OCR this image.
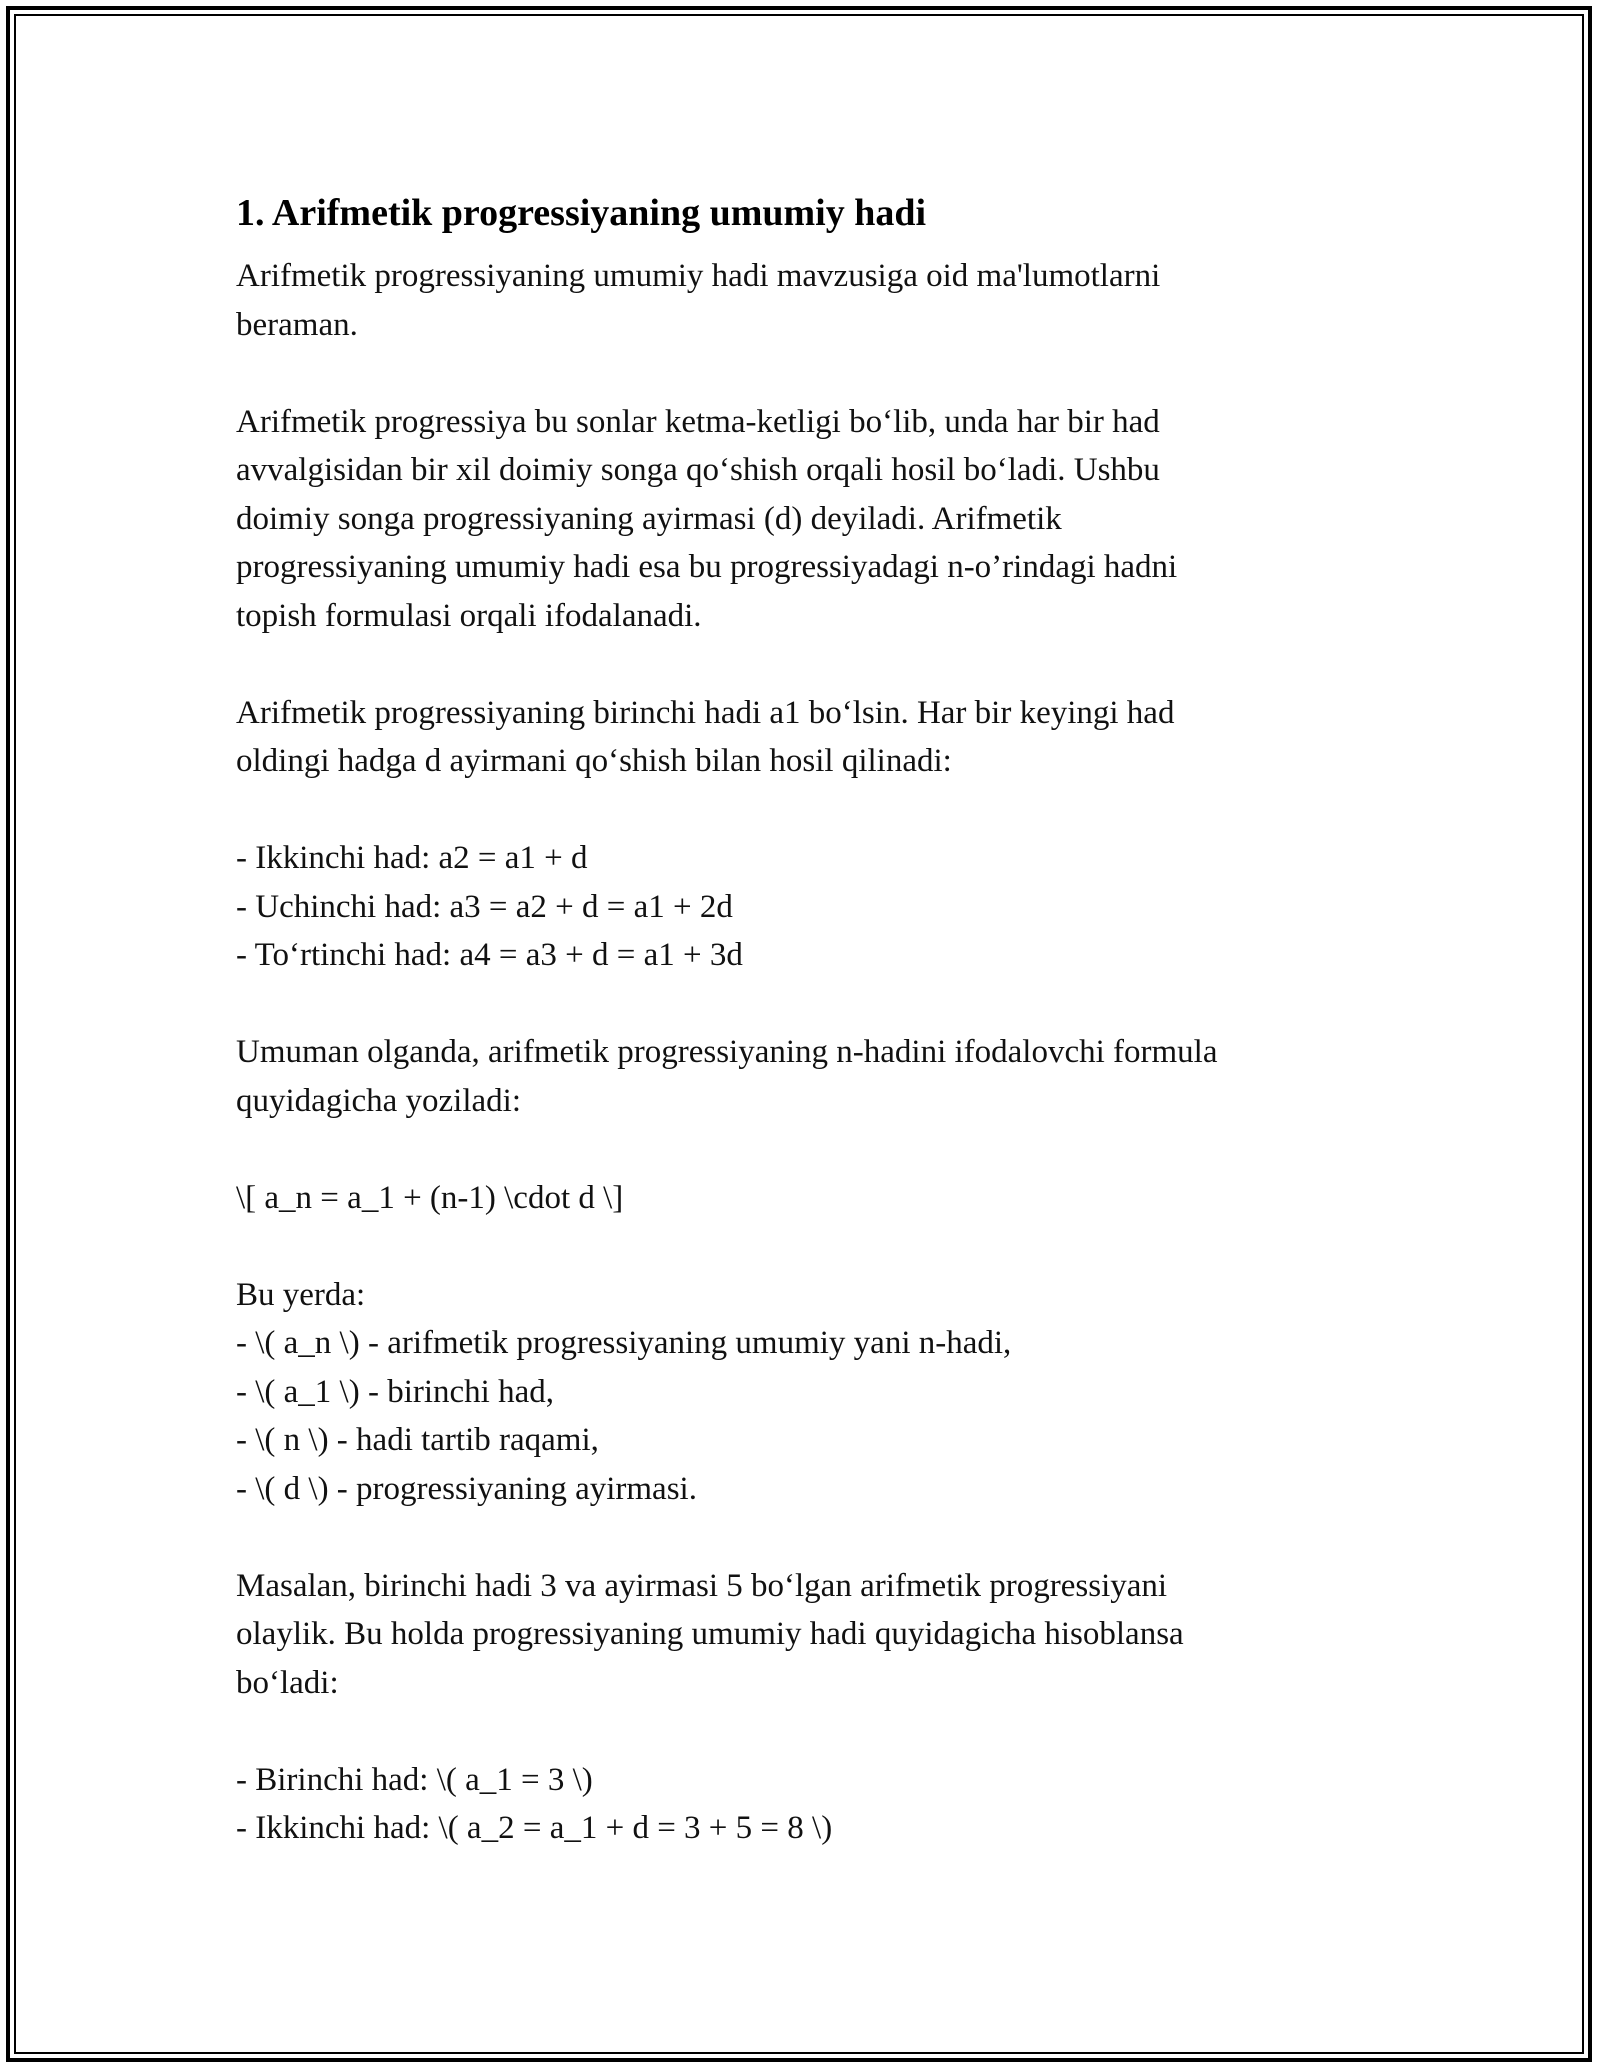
1. Arifmetik progressiyaning umumiy hadi
Arifmetik progressiyaning umumiy hadi mavzusiga oid ma'lumotlarni
beraman.
Arifmetik progressiya bu sonlar ketma-ketligi bo‘lib, unda har bir had
avvalgisidan bir xil doimiy songa qo‘shish orqali hosil bo‘ladi. Ushbu
doimiy songa progressiyaning ayirmasi (d) deyiladi. Arifmetik
progressiyaning umumiy hadi esa bu progressiyadagi n-o’rindagi hadni
topish formulasi orqali ifodalanadi.
Arifmetik progressiyaning birinchi hadi a1 bo‘lsin. Har bir keyingi had
oldingi hadga d ayirmani qo‘shish bilan hosil qilinadi:
- Ikkinchi had: a2 = a1 + d
- Uchinchi had: a3 = a2 + d = a1 + 2d
- To‘rtinchi had: a4 = a3 + d = a1 + 3d
Umuman olganda, arifmetik progressiyaning n-hadini ifodalovchi formula
quyidagicha yoziladi:
\[ a_n = a_1 + (n-1) \cdot d \]
Bu yerda:
- \( a_n \) - arifmetik progressiyaning umumiy yani n-hadi,
- \( a_1 \) - birinchi had,
- \( n \) - hadi tartib raqami,
- \( d \) - progressiyaning ayirmasi.
Masalan, birinchi hadi 3 va ayirmasi 5 bo‘lgan arifmetik progressiyani
olaylik. Bu holda progressiyaning umumiy hadi quyidagicha hisoblansa
bo‘ladi:
- Birinchi had: \( a_1 = 3 \)
- Ikkinchi had: \( a_2 = a_1 + d = 3 + 5 = 8 \)
